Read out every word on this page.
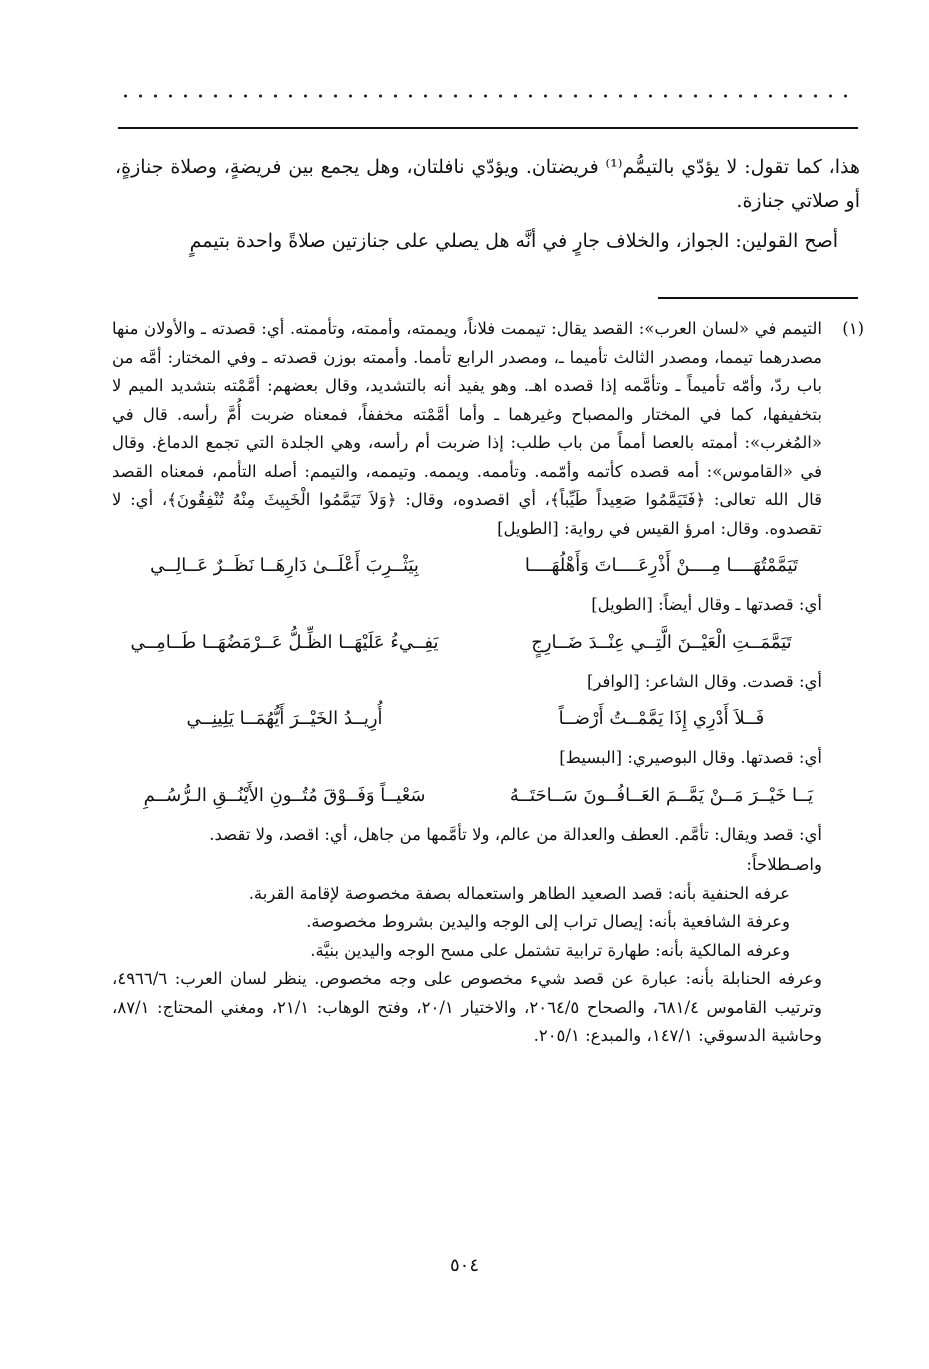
هذا، كما تقول: لا يؤدّي بالتيمُّم⁽¹⁾ فريضتان. ويؤدّي نافلتان، وهل يجمع بين فريضةٍ، وصلاة جنازةٍ، أو صلاتي جنازة.

أصح القولين: الجواز، والخلاف جارٍ في أنَّه هل يصلي على جنازتين صلاةً واحدة بتيممٍ

(١)

التيمم في «لسان العرب»: القصد يقال: تيممت فلاناً، ويممته، وأممته، وتأممته. أي: قصدته ـ والأولان منها مصدرهما تيمما، ومصدر الثالث تأميما ـ، ومصدر الرابع تأمما. وأممته بوزن قصدته ـ وفي المختار: أمَّه من باب ردّ، وأمّه تأميماً ـ وتأمَّمه إذا قصده اهـ. وهو يفيد أنه بالتشديد، وقال بعضهم: أمَّمْته بتشديد الميم لا بتخفيفها، كما في المختار والمصباح وغيرهما ـ وأما أمَّمْته مخففاً، فمعناه ضربت أُمَّ رأسه. قال في «المُغرب»: أممته بالعصا أمماً من باب طلب: إذا ضربت أم رأسه، وهي الجلدة التي تجمع الدماغ. وقال في «القاموس»: أمه قصده كأتمه وأمّمه. وتأممه. ويممه. وتيممه، والتيمم: أصله التأمم، فمعناه القصد قال الله تعالى: ﴿فَتَيَمَّمُوا صَعِيداً طَيِّباً﴾، أي اقصدوه، وقال: ﴿وَلاَ تَيَمَّمُوا الْخَبِيثَ مِنْهُ تُنْفِقُونَ﴾، أي: لا تقصدوه. وقال: امرؤ القيس في رواية: [الطويل]

تَيَمَّمْتُهَــــا مِــــنْ أَذْرِعَــــاتَ وَأَهْلُهَــــا
بِيَثْــرِبَ أَعْلَــىٰ دَارِهَــا نَظَــرٌ عَــالِــي

أي: قصدتها ـ وقال أيضاً: [الطويل]

تَيَمَّمَــتِ الْعَيْــنَ الَّتِــي عِنْــدَ ضَــارِجٍ
يَفِــيءُ عَلَيْهَــا الظِّـلُّ عَــرْمَضُهَــا طَــامِــي

أي: قصدت. وقال الشاعر: [الوافر]

فَــلاَ أَدْرِي إِذَا يَمَّمْــتُ أَرْضــاً
أُرِيــدُ الخَيْــرَ أَيُّهُمَــا يَلِينِــي

أي: قصدتها. وقال البوصيري: [البسيط]

يَــا خَيْــرَ مَــنْ يَمَّــمَ العَــافُــونَ سَــاحَتَــهُ
سَعْيــاً وَفَــوْقَ مُتُــونِ الأَيْنُــقِ الـرُّسُــمِ

أي: قصد ويقال: تأمَّم. العطف والعدالة من عالم، ولا تأمَّمها من جاهل، أي: اقصد، ولا تقصد.

واصـطلاحاً:

عرفه الحنفية بأنه: قصد الصعيد الطاهر واستعماله بصفة مخصوصة لإقامة القربة.

وعرفة الشافعية بأنه: إيصال تراب إلى الوجه واليدين بشروط مخصوصة.

وعرفه المالكية بأنه: طهارة ترابية تشتمل على مسح الوجه واليدين بنيَّة.

وعرفه الحنابلة بأنه: عبارة عن قصد شيء مخصوص على وجه مخصوص. ينظر لسان العرب: ٤٩٦٦/٦، وترتيب القاموس ٦٨١/٤، والصحاح ٢٠٦٤/٥، والاختيار ٢٠/١، وفتح الوهاب: ٢١/١، ومغني المحتاج: ٨٧/١، وحاشية الدسوقي: ١٤٧/١، والمبدع: ٢٠٥/١.

٥٠٤
